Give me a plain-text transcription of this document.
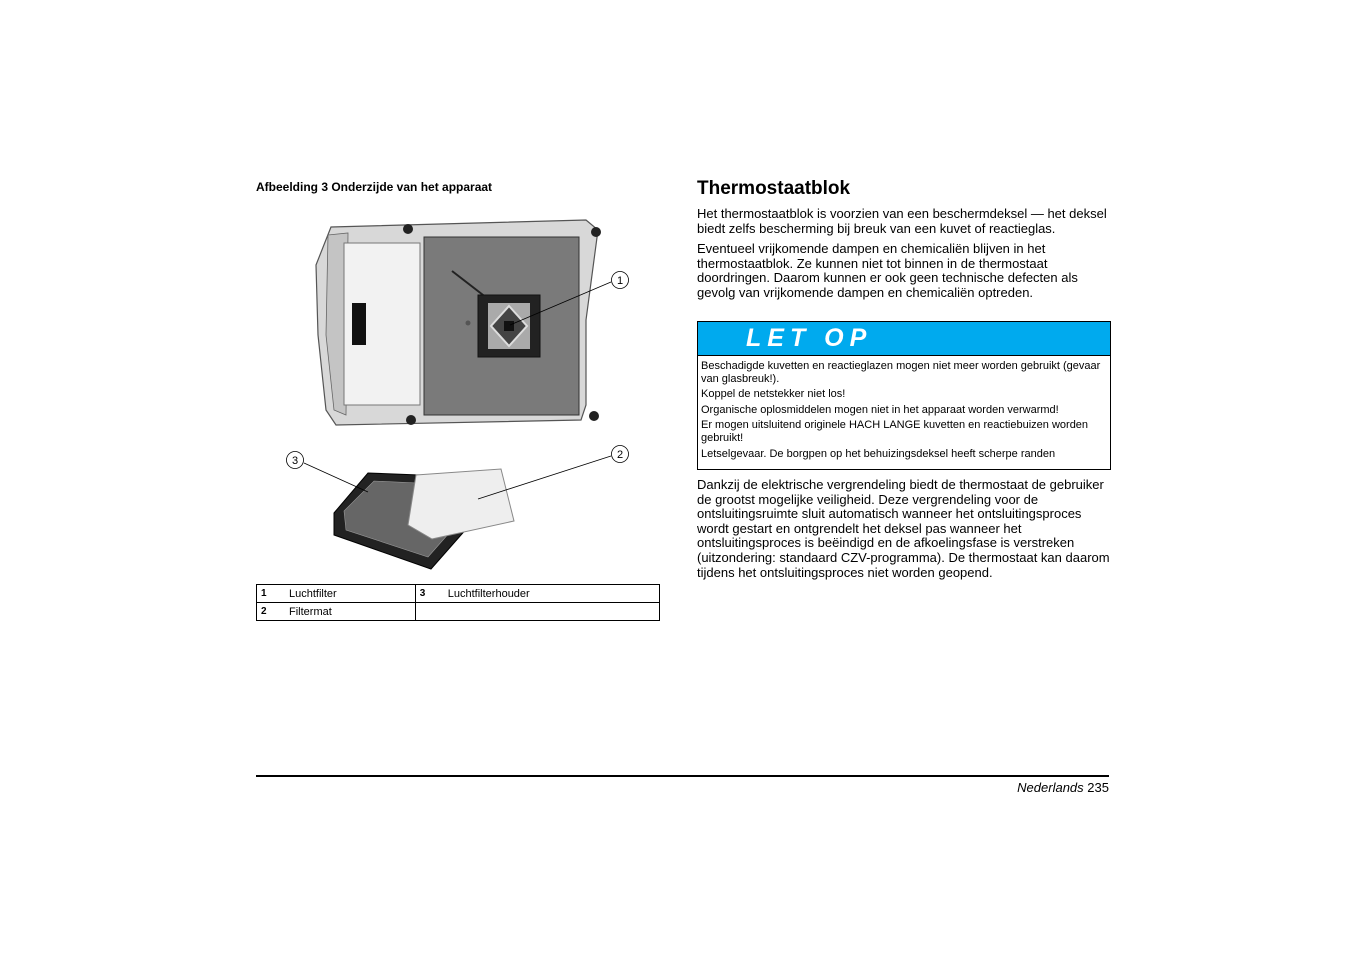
Afbeelding 3 Onderzijde van het apparaat
1
3	2
1	Luchtfilter	3	Luchtfilterhouder
2	Filtermat		
Thermostaatblok
Het thermostaatblok is voorzien van een beschermdeksel — het deksel biedt zelfs bescherming bij breuk van een kuvet of reactieglas.
Eventueel vrijkomende dampen en chemicaliën blijven in het thermostaatblok. Ze kunnen niet tot binnen in de thermostaat doordringen. Daarom kunnen er ook geen technische defecten als gevolg van vrijkomende dampen en chemicaliën optreden.
LET OP
Beschadigde kuvetten en reactieglazen mogen niet meer worden gebruikt (gevaar van glasbreuk!).
Koppel de netstekker niet los!
Organische oplosmiddelen mogen niet in het apparaat worden verwarmd!
Er mogen uitsluitend originele HACH LANGE kuvetten en reactiebuizen worden gebruikt!
Letselgevaar. De borgpen op het behuizingsdeksel heeft scherpe randen
Dankzij de elektrische vergrendeling biedt de thermostaat de gebruiker de grootst mogelijke veiligheid. Deze vergrendeling voor de ontsluitingsruimte sluit automatisch wanneer het ontsluitingsproces wordt gestart en ontgrendelt het deksel pas wanneer het ontsluitingsproces is beëindigd en de afkoelingsfase is verstreken (uitzondering: standaard CZV-programma). De thermostaat kan daarom tijdens het ontsluitingsproces niet worden geopend.
Nederlands 235
